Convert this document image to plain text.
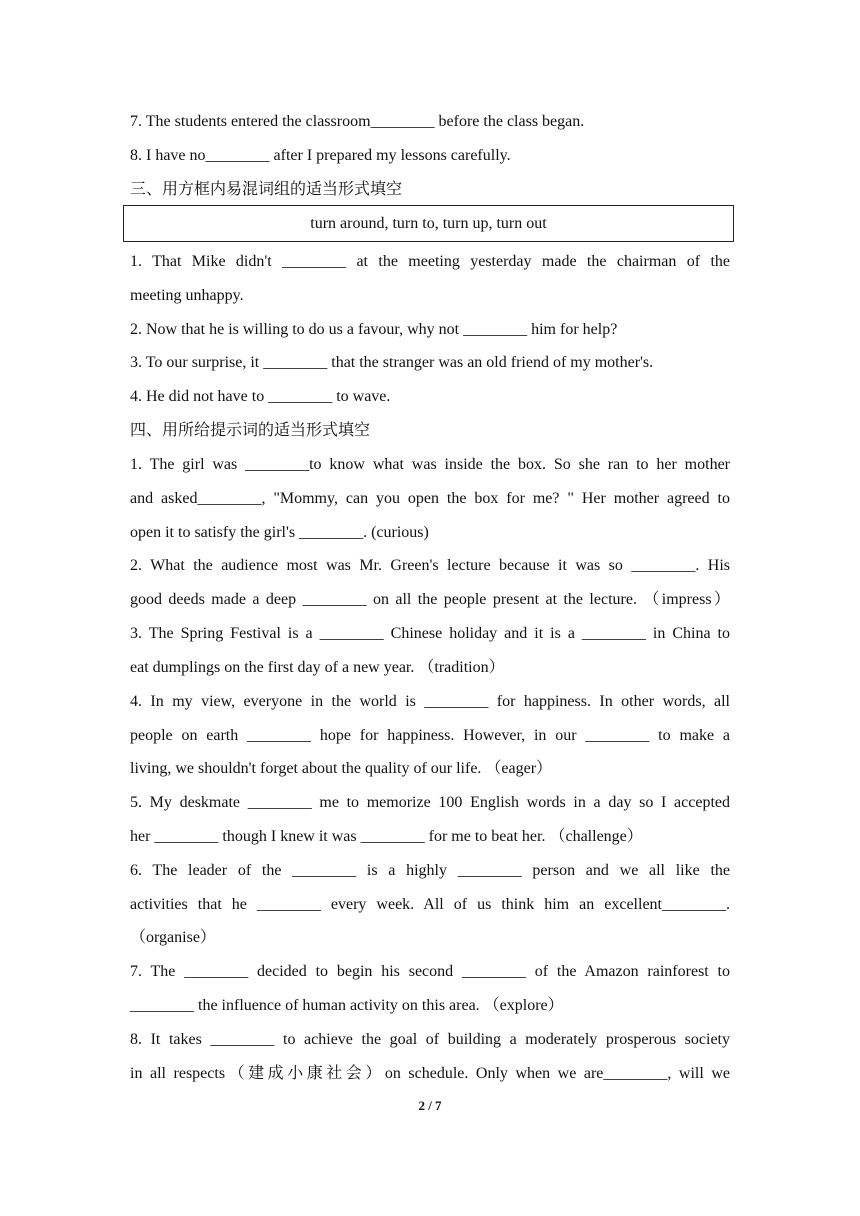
7. The students entered the classroom________ before the class began.
8. I have no________ after I prepared my lessons carefully.
三、用方框内易混词组的适当形式填空
turn around, turn to, turn up, turn out
1. That Mike didn't ________ at the meeting yesterday made the chairman of the
meeting unhappy.
2. Now that he is willing to do us a favour, why not ________ him for help?
3. To our surprise, it ________ that the stranger was an old friend of my mother's.
4. He did not have to ________ to wave.
四、用所给提示词的适当形式填空
1. The girl was ________to know what was inside the box. So she ran to her mother
and asked________, "Mommy, can you open the box for me? " Her mother agreed to
open it to satisfy the girl's ________. (curious)
2. What the audience most was Mr. Green's lecture because it was so ________. His
good deeds made a deep ________ on all the people present at the lecture. （impress）
3. The Spring Festival is a ________ Chinese holiday and it is a ________ in China to
eat dumplings on the first day of a new year. （tradition）
4. In my view, everyone in the world is ________ for happiness. In other words, all
people on earth ________ hope for happiness. However, in our ________ to make a
living, we shouldn't forget about the quality of our life. （eager）
5. My deskmate ________ me to memorize 100 English words in a day so I accepted
her ________ though I knew it was ________ for me to beat her. （challenge）
6. The leader of the ________ is a highly ________ person and we all like the
activities that he ________ every week. All of us think him an excellent________.
（organise）
7. The ________ decided to begin his second ________ of the Amazon rainforest to
________ the influence of human activity on this area. （explore）
8. It takes ________ to achieve the goal of building a moderately prosperous society
in all respects（建成小康社会）on schedule. Only when we are________, will we
2 / 7
